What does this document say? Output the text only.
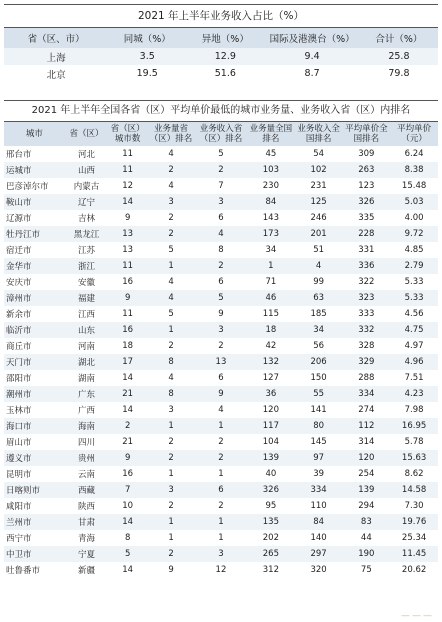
2021 年上半年业务收入占比（%）
省（区、市）	同城（%）	异地（%）	国际及港澳台（%）	合计（%）
上海	3.5	12.9	9.4	25.8
北京	19.5	51.6	8.7	79.8
2021 年上半年全国各省（区）平均单价最低的城市业务量、业务收入省（区）内排名
城市	省（区）	省（区）城市数	业务量省（区）排名	业务收入省（区）排名	业务量全国排名	业务收入全国排名	平均单价全国排名	平均单价（元）
邢台市	河北	11	4	5	45	54	309	6.24
运城市	山西	11	2	2	103	102	263	8.38
巴彦淖尔市	内蒙古	12	4	7	230	231	123	15.48
鞍山市	辽宁	14	3	3	84	125	326	5.03
辽源市	吉林	9	2	6	143	246	335	4.00
牡丹江市	黑龙江	13	2	4	173	201	228	9.72
宿迁市	江苏	13	5	8	34	51	331	4.85
金华市	浙江	11	1	2	1	4	336	2.79
安庆市	安徽	16	4	6	71	99	322	5.33
漳州市	福建	9	4	5	46	63	323	5.33
新余市	江西	11	5	9	115	185	333	4.56
临沂市	山东	16	1	3	18	34	332	4.75
商丘市	河南	18	2	2	42	56	328	4.97
天门市	湖北	17	8	13	132	206	329	4.96
邵阳市	湖南	14	4	6	127	150	288	7.51
潮州市	广东	21	8	9	36	55	334	4.23
玉林市	广西	14	3	4	120	141	274	7.98
海口市	海南	2	1	1	117	80	112	16.95
眉山市	四川	21	2	2	104	145	314	5.78
遵义市	贵州	9	2	2	139	97	120	15.63
昆明市	云南	16	1	1	40	39	254	8.62
日喀则市	西藏	7	3	6	326	334	139	14.58
咸阳市	陕西	10	2	2	95	110	294	7.30
兰州市	甘肃	14	1	1	135	84	83	19.76
西宁市	青海	8	1	1	202	140	44	25.34
中卫市	宁夏	5	2	3	265	297	190	11.45
吐鲁番市	新疆	14	9	12	312	320	75	20.62
———
